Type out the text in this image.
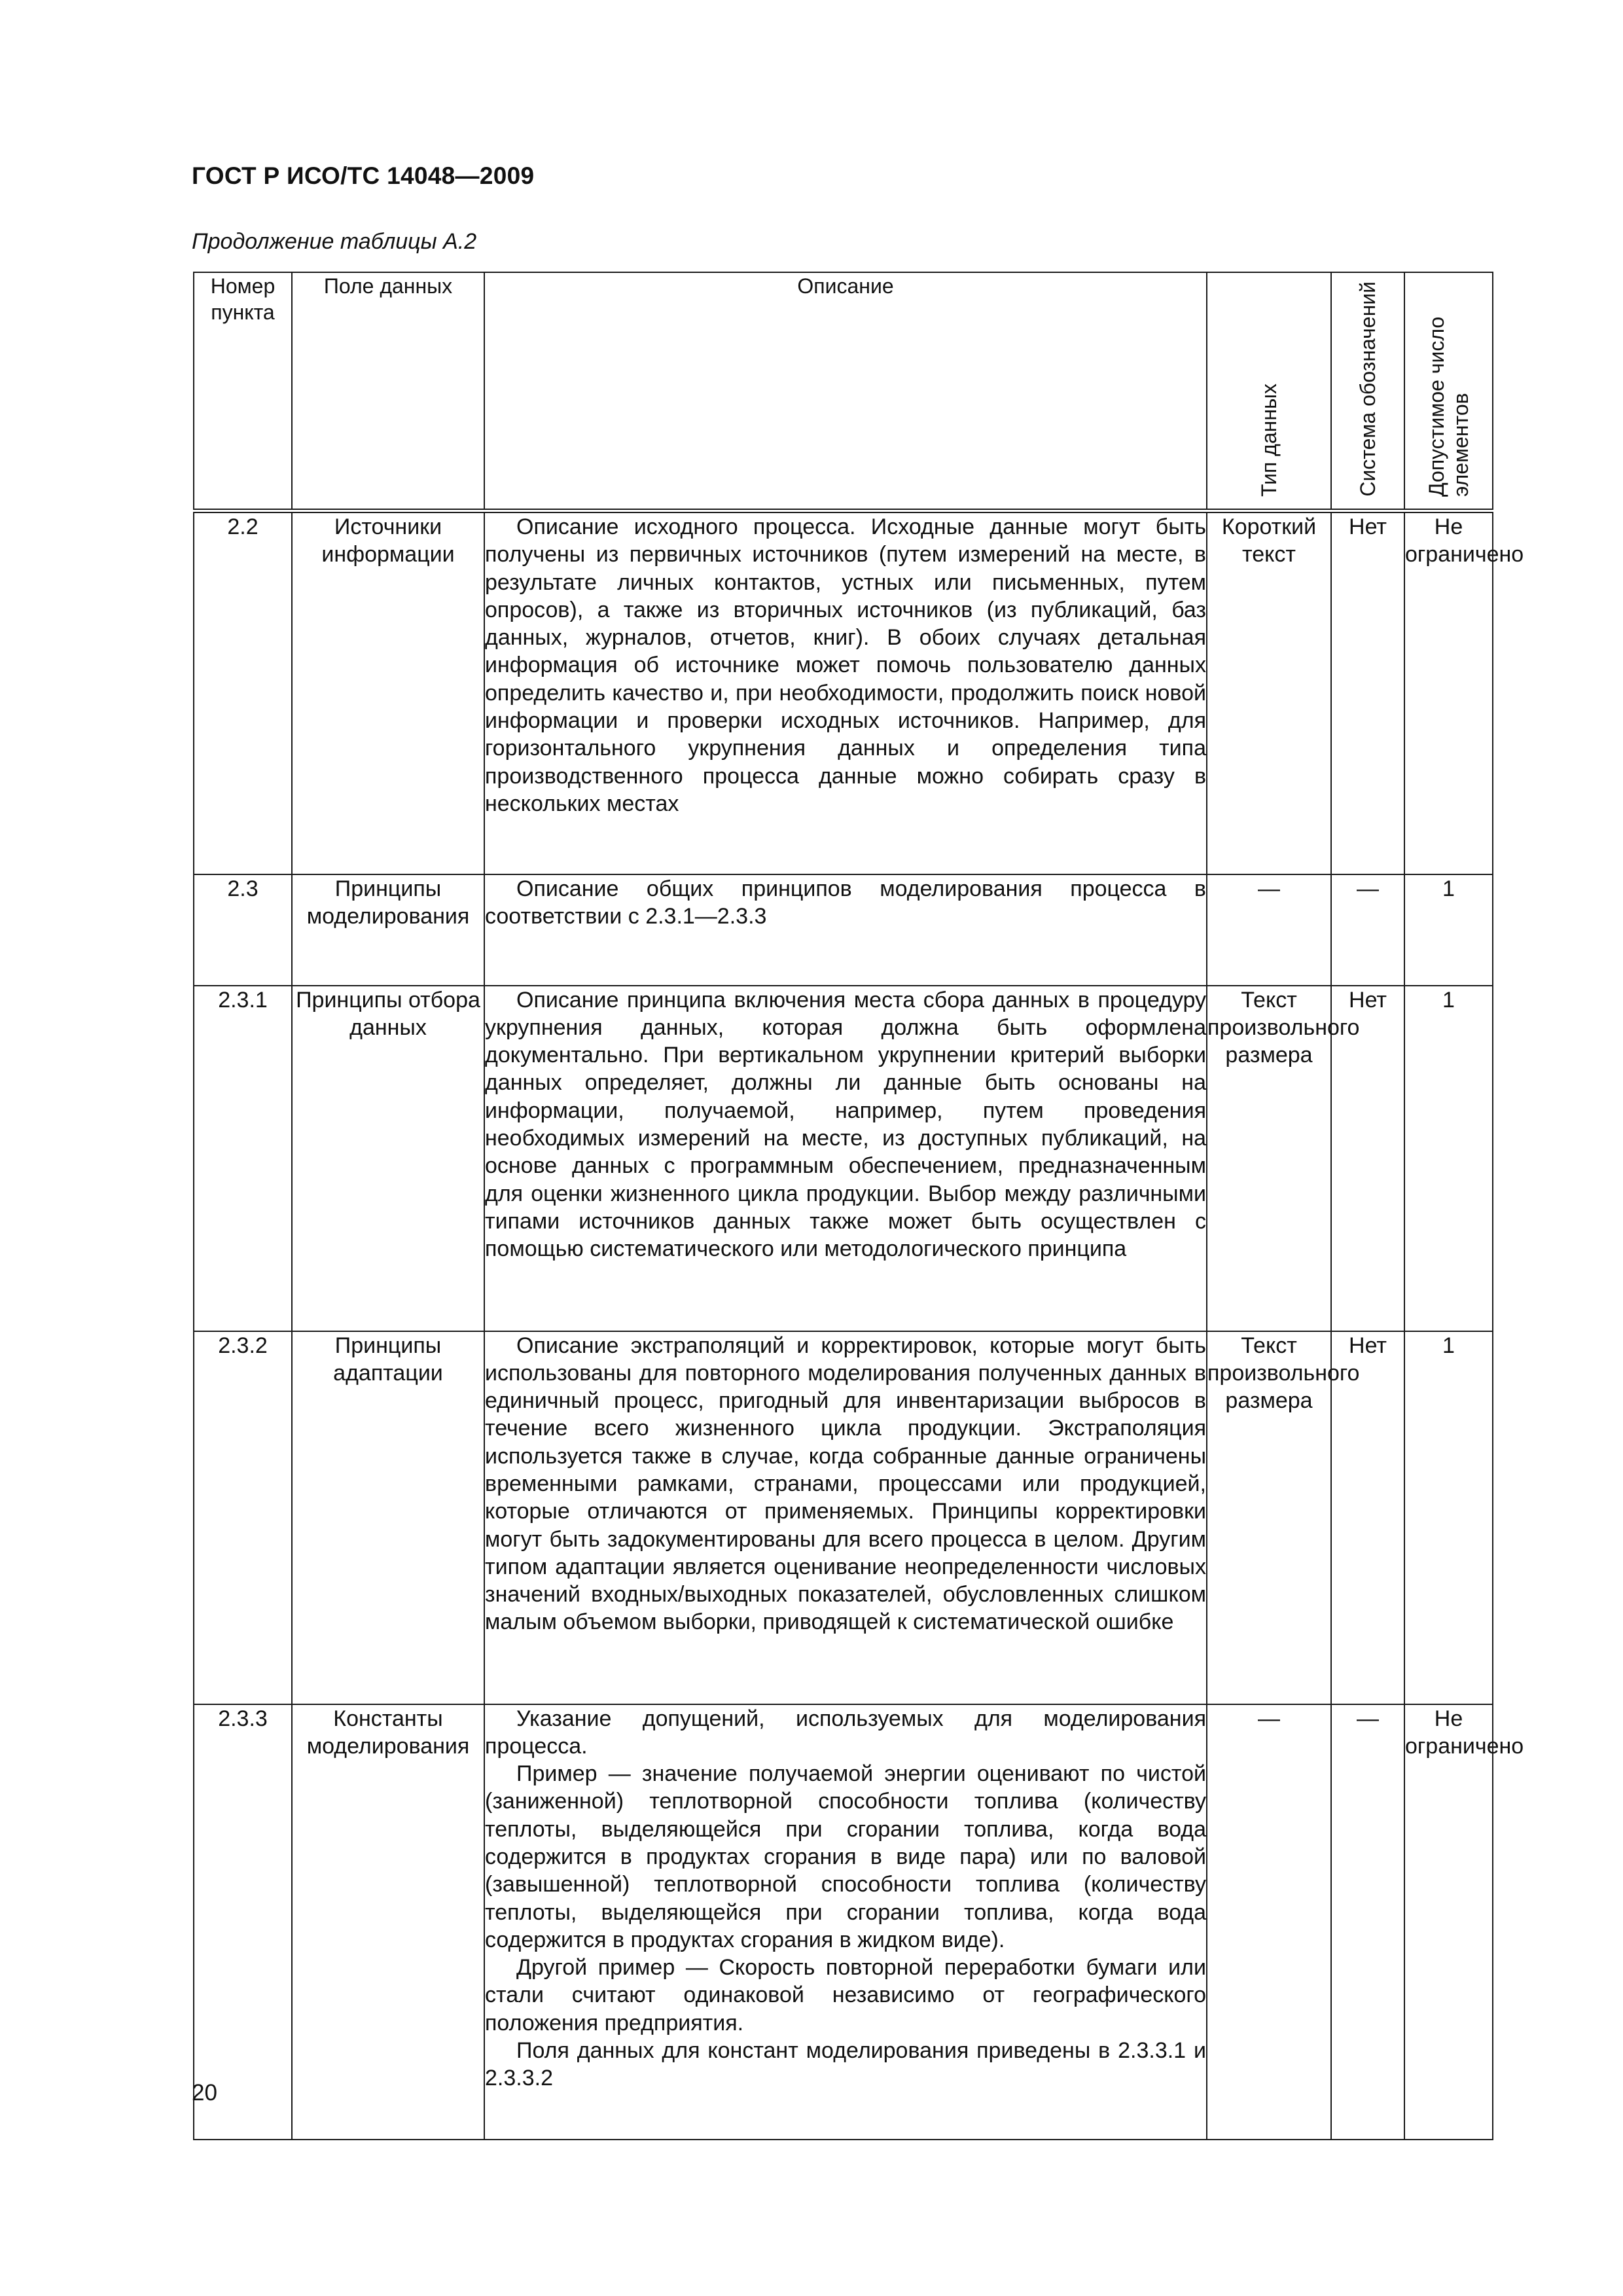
ГОСТ Р ИСО/ТС 14048—2009
Продолжение таблицы А.2
Номер пункта	Поле данных	Описание	Тип данных	Система обозначений	Допустимое число элементов

2.2	Источники информации	Описание исходного процесса. Исходные данные могут быть получены из первичных источников (путем измерений на месте, в результате личных контактов, устных или письменных, путем опросов), а также из вторичных источников (из публикаций, баз данных, журналов, отчетов, книг). В обоих случаях детальная информация об источнике может помочь пользователю данных определить качество и, при необходимости, продолжить поиск новой информации и проверки исходных источников. Например, для горизонтального укрупнения данных и определения типа производственного процесса данные можно собирать сразу в нескольких местах	Короткий текст	Нет	Не ограничено
2.3	Принципы моделирования	Описание общих принципов моделирования процесса в соответствии с 2.3.1—2.3.3	—	—	1
2.3.1	Принципы отбора данных	Описание принципа включения места сбора данных в процедуру укрупнения данных, которая должна быть оформлена документально. При вертикальном укрупнении критерий выборки данных определяет, должны ли данные быть основаны на информации, получаемой, например, путем проведения необходимых измерений на месте, из доступных публикаций, на основе данных с программным обеспечением, предназначенным для оценки жизненного цикла продукции. Выбор между различными типами источников данных также может быть осуществлен с помощью систематического или методологического принципа	Текст произвольного размера	Нет	1
2.3.2	Принципы адаптации	Описание экстраполяций и корректировок, которые могут быть использованы для повторного моделирования полученных данных в единичный процесс, пригодный для инвентаризации выбросов в течение всего жизненного цикла продукции. Экстраполяция используется также в случае, когда собранные данные ограничены временными рамками, странами, процессами или продукцией, которые отличаются от применяемых. Принципы корректировки могут быть задокументированы для всего процесса в целом. Другим типом адаптации является оценивание неопределенности числовых значений входных/выходных показателей, обусловленных слишком малым объемом выборки, приводящей к систематической ошибке	Текст произвольного размера	Нет	1
2.3.3	Константы моделирования	Указание допущений, используемых для моделирования процесса.
Пример — значение получаемой энергии оценивают по чистой (заниженной) теплотворной способности топлива (количеству теплоты, выделяющейся при сгорании топлива, когда вода содержится в продуктах сгорания в виде пара) или по валовой (завышенной) теплотворной способности топлива (количеству теплоты, выделяющейся при сгорании топлива, когда вода содержится в продуктах сгорания в жидком виде).
Другой пример — Скорость повторной переработки бумаги или стали считают одинаковой независимо от географического положения предприятия.
Поля данных для констант моделирования приведены в 2.3.3.1 и 2.3.3.2	—	—	Не ограничено
20
